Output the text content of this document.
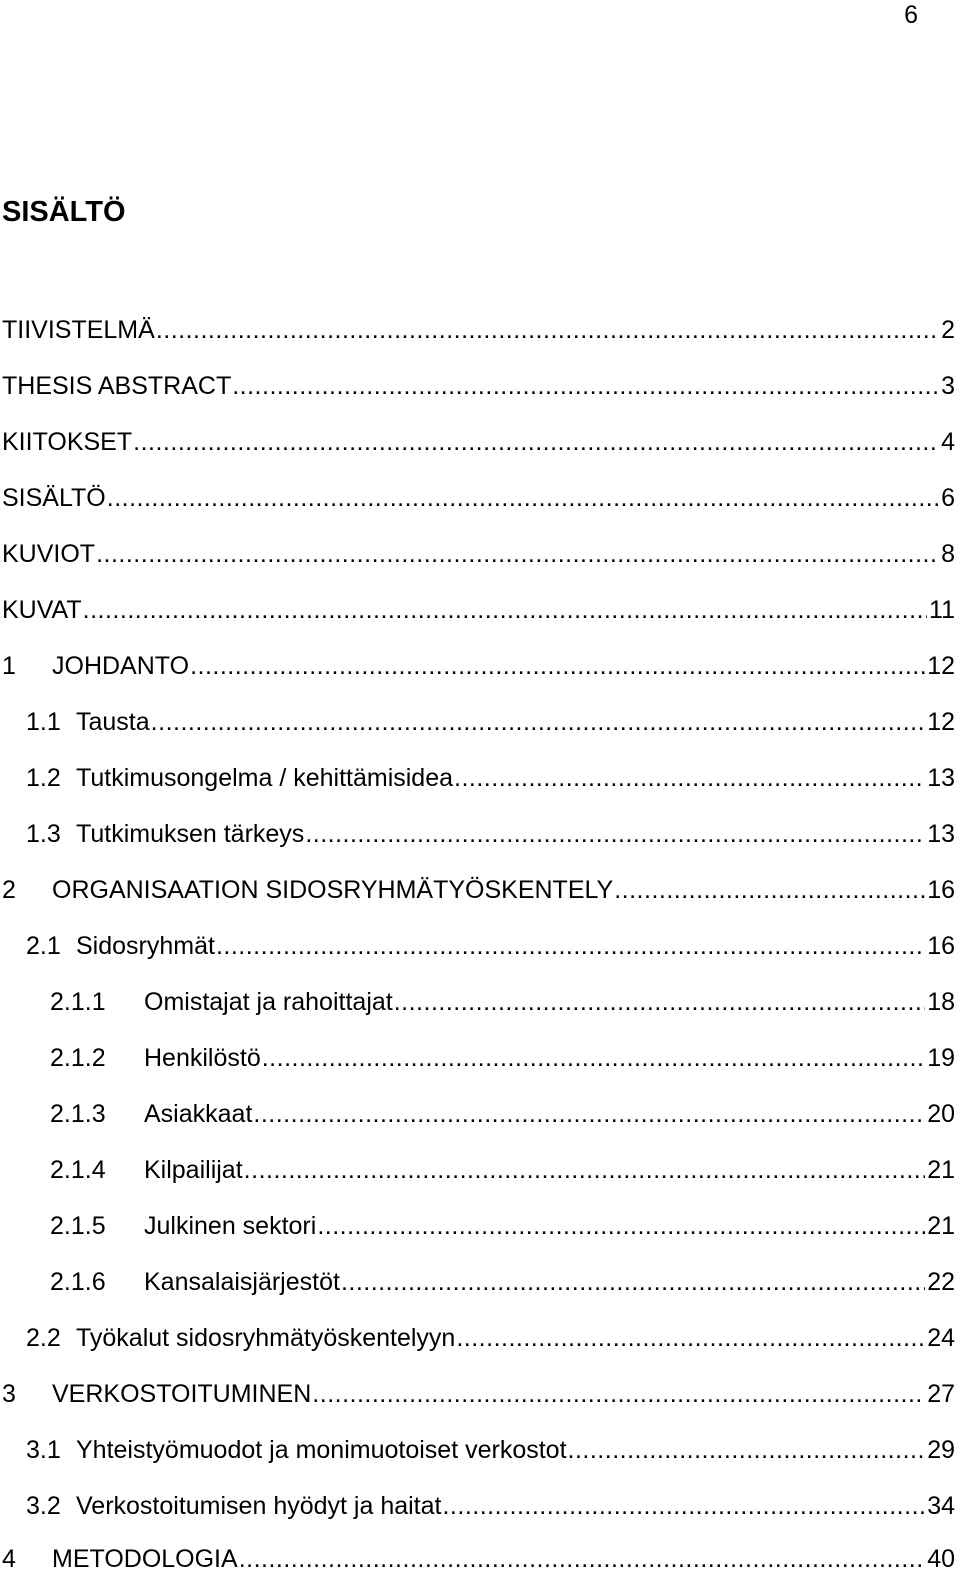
6
SISÄLTÖ
TIIVISTELMÄ .....	2
THESIS ABSTRACT .....	3
KIITOKSET .....	4
SISÄLTÖ .....	6
KUVIOT .....	8
KUVAT .....	11
1	JOHDANTO .....	12
1.1 Tausta .....	12
1.2 Tutkimusongelma / kehittämisidea .....	13
1.3 Tutkimuksen tärkeys .....	13
2	ORGANISAATION SIDOSRYHMÄTYÖSKENTELY .....	16
2.1 Sidosryhmät .....	16
2.1.1	Omistajat ja rahoittajat .....	18
2.1.2	Henkilöstö .....	19
2.1.3	Asiakkaat .....	20
2.1.4	Kilpailijat .....	21
2.1.5	Julkinen sektori .....	21
2.1.6	Kansalaisjärjestöt .....	22
2.2 Työkalut sidosryhmätyöskentelyyn .....	24
3	VERKOSTOITUMINEN .....	27
3.1 Yhteistyömuodot ja monimuotoiset verkostot .....	29
3.2 Verkostoitumisen hyödyt ja haitat .....	34
4	METODOLOGIA .....	40
